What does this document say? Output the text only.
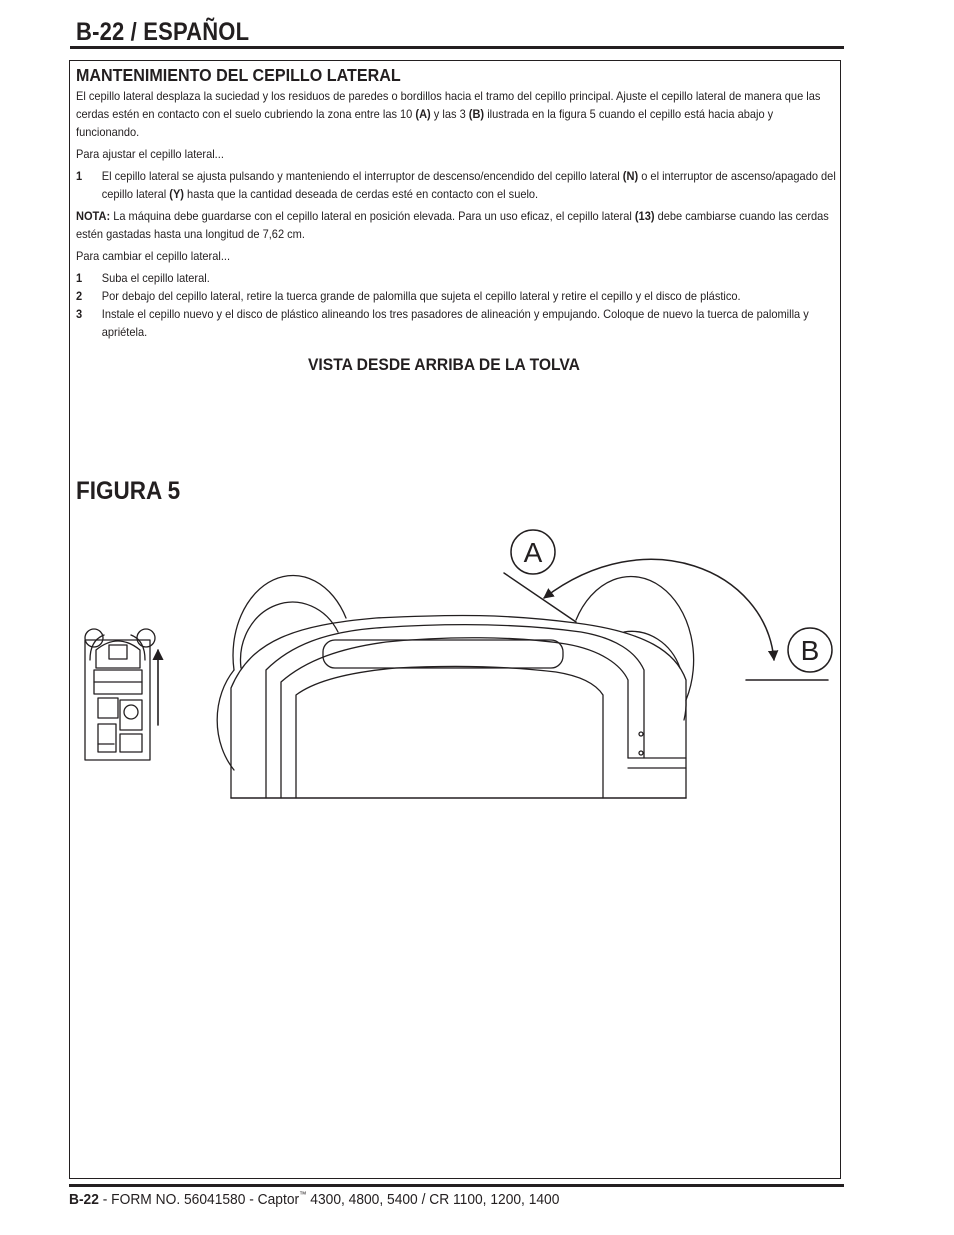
B-22 / ESPAÑOL
MANTENIMIENTO DEL CEPILLO LATERAL

El cepillo lateral desplaza la suciedad y los residuos de paredes o bordillos hacia el tramo del cepillo principal. Ajuste el cepillo lateral de manera que las cerdas estén en contacto con el suelo cubriendo la zona entre las 10 (A) y las 3 (B) ilustrada en la figura 5 cuando el cepillo está hacia abajo y funcionando.

Para ajustar el cepillo lateral...

1 El cepillo lateral se ajusta pulsando y manteniendo el interruptor de descenso/encendido del cepillo lateral (N) o el interruptor de ascenso/apagado del cepillo lateral (Y) hasta que la cantidad deseada de cerdas esté en contacto con el suelo.

NOTA: La máquina debe guardarse con el cepillo lateral en posición elevada. Para un uso eficaz, el cepillo lateral (13) debe cambiarse cuando las cerdas estén gastadas hasta una longitud de 7,62 cm.

Para cambiar el cepillo lateral...

1 Suba el cepillo lateral.
2 Por debajo del cepillo lateral, retire la tuerca grande de palomilla que sujeta el cepillo lateral y retire el cepillo y el disco de plástico.
3 Instale el cepillo nuevo y el disco de plástico alineando los tres pasadores de alineación y empujando. Coloque de nuevo la tuerca de palomilla y apriétela.
VISTA DESDE ARRIBA DE LA TOLVA
FIGURA 5
A
B
B-22 - FORM NO. 56041580 - Captor™ 4300, 4800, 5400 / CR 1100, 1200, 1400
